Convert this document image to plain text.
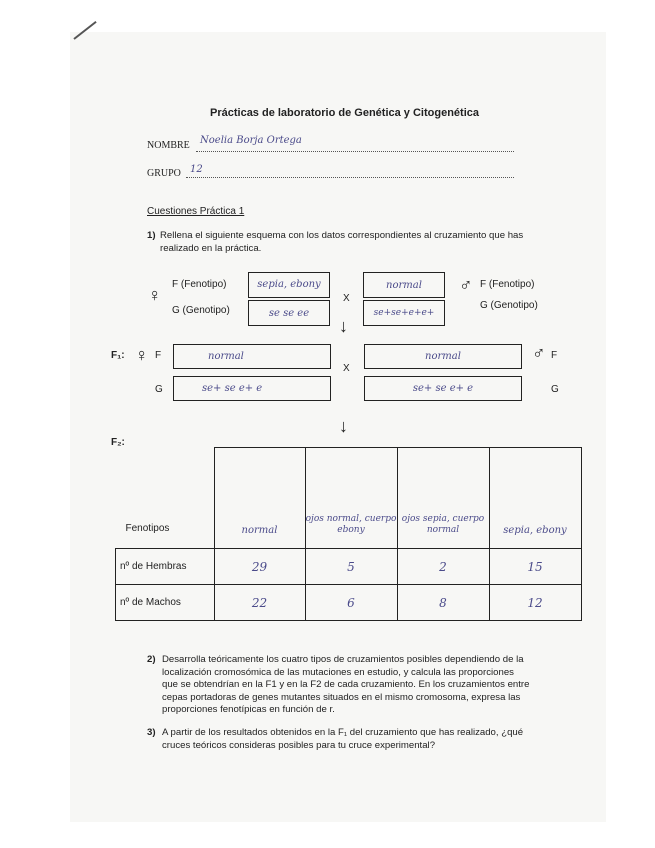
Prácticas de laboratorio de Genética y Citogenética
NOMBRE Noelia Borja Ortega
GRUPO 12
Cuestiones Práctica 1
1) Rellena el siguiente esquema con los datos correspondientes al cruzamiento que has realizado en la práctica.
♀
F (Fenotipo)
G (Genotipo)
sepia, ebony
se se ee
X
normal
se+se+e+e+
♂ F (Fenotipo)
G (Genotipo)
↓
F₁: ♀ F
G
normal
se+ se e+ e
X
normal
se+ se e+ e
♂ F
G
↓
F₂:
Fenotipos	normal	ojos normal, cuerpo ebony	ojos sepia, cuerpo normal	sepia, ebony
nº de Hembras	29	5	2	15
nº de Machos	22	6	8	12
2) Desarrolla teóricamente los cuatro tipos de cruzamientos posibles dependiendo de la localización cromosómica de las mutaciones en estudio, y calcula las proporciones que se obtendrían en la F1 y en la F2 de cada cruzamiento. En los cruzamientos entre cepas portadoras de genes mutantes situados en el mismo cromosoma, expresa las proporciones fenotípicas en función de r.
3) A partir de los resultados obtenidos en la F₁ del cruzamiento que has realizado, ¿qué cruces teóricos consideras posibles para tu cruce experimental?
